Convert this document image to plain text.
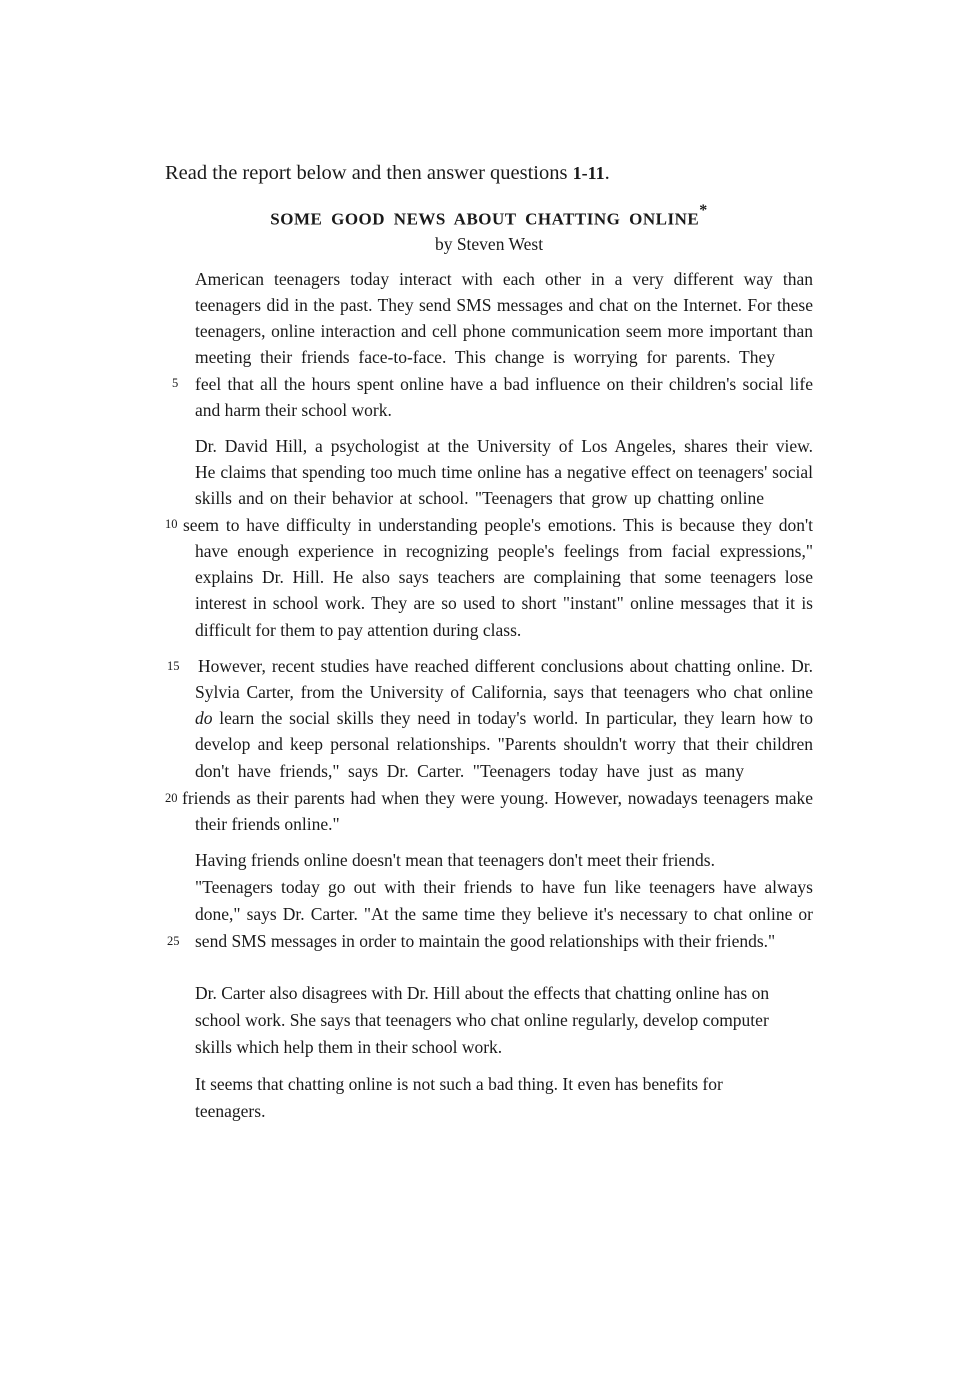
Read the report below and then answer questions 1-11.
SOME GOOD NEWS ABOUT CHATTING ONLINE*
by Steven West
American teenagers today interact with each other in a very different way than
teenagers did in the past. They send SMS messages and chat on the Internet. For these
teenagers, online interaction and cell phone communication seem more important than
meeting their friends face-to-face. This change is worrying for parents. They
5 feel that all the hours spent online have a bad influence on their children's social life
and harm their school work.
Dr. David Hill, a psychologist at the University of Los Angeles, shares their view.
He claims that spending too much time online has a negative effect on teenagers' social
skills and on their behavior at school. "Teenagers that grow up chatting online
10 seem to have difficulty in understanding people's emotions. This is because they don't
have enough experience in recognizing people's feelings from facial expressions,"
explains Dr. Hill. He also says teachers are complaining that some teenagers lose
interest in school work. They are so used to short "instant" online messages that it is
difficult for them to pay attention during class.
15 However, recent studies have reached different conclusions about chatting online. Dr.
Sylvia Carter, from the University of California, says that teenagers who chat online
do learn the social skills they need in today's world. In particular, they learn how to
develop and keep personal relationships. "Parents shouldn't worry that their children
don't have friends," says Dr. Carter. "Teenagers today have just as many
20 friends as their parents had when they were young. However, nowadays teenagers make
their friends online."
Having friends online doesn't mean that teenagers don't meet their friends.
"Teenagers today go out with their friends to have fun like teenagers have always
done," says Dr. Carter. "At the same time they believe it's necessary to chat online or
25 send SMS messages in order to maintain the good relationships with their friends."
Dr. Carter also disagrees with Dr. Hill about the effects that chatting online has on
school work. She says that teenagers who chat online regularly, develop computer
skills which help them in their school work.
It seems that chatting online is not such a bad thing. It even has benefits for
teenagers.
